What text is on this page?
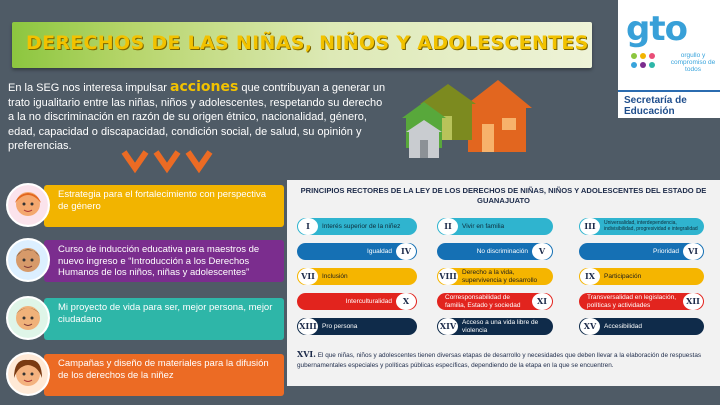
DERECHOS DE LAS NIÑAS, NIÑOS Y ADOLESCENTES gto
orgullo y compromiso de todos
Secretaría de Educación

En la SEG nos interesa impulsar acciones que contribuyan a generar un trato igualitario entre las niñas, niños y adolescentes, respetando su derecho a la no discriminación en razón de su origen étnico, nacionalidad, género, edad, capacidad o discapacidad, condición social, de salud, su opinión y preferencias.

Estrategia para el fortalecimiento con perspectiva de género
Curso de inducción educativa para maestros de nuevo ingreso e “Introducción a los Derechos Humanos de los niños, niñas y adolescentes”
Mi proyecto de vida para ser, mejor persona, mejor ciudadano
Campañas y diseño de materiales para la difusión de los derechos de la niñez
PRINCIPIOS RECTORES DE LA LEY DE LOS DERECHOS DE NIÑAS, NIÑOS Y ADOLESCENTES DEL ESTADO DE GUANAJUATO
I	Interés superior de la niñez	II	Vivir en familia	III	Universalidad, interdependencia, indivisibilidad, progresividad e integralidad
Igualdad	IV	No discriminación	V	Prioridad	VI
VII	Inclusión	VIII Derecho a la vida, supervivencia y desarrollo	IX	Participación
Interculturalidad	X	Corresponsabilidad de familia, Estado y sociedad	XI	Transversalidad en legislación, políticas y actividades	XII
XIII Pro persona	XIV Acceso a una vida libre de violencia	XV	Accesibilidad

XVI. El que niñas, niños y adolescentes tienen diversas etapas de desarrollo y necesidades que deben llevar a la elaboración de respuestas gubernamentales especiales y políticas públicas específicas, dependiendo de la etapa en la que se encuentren.
